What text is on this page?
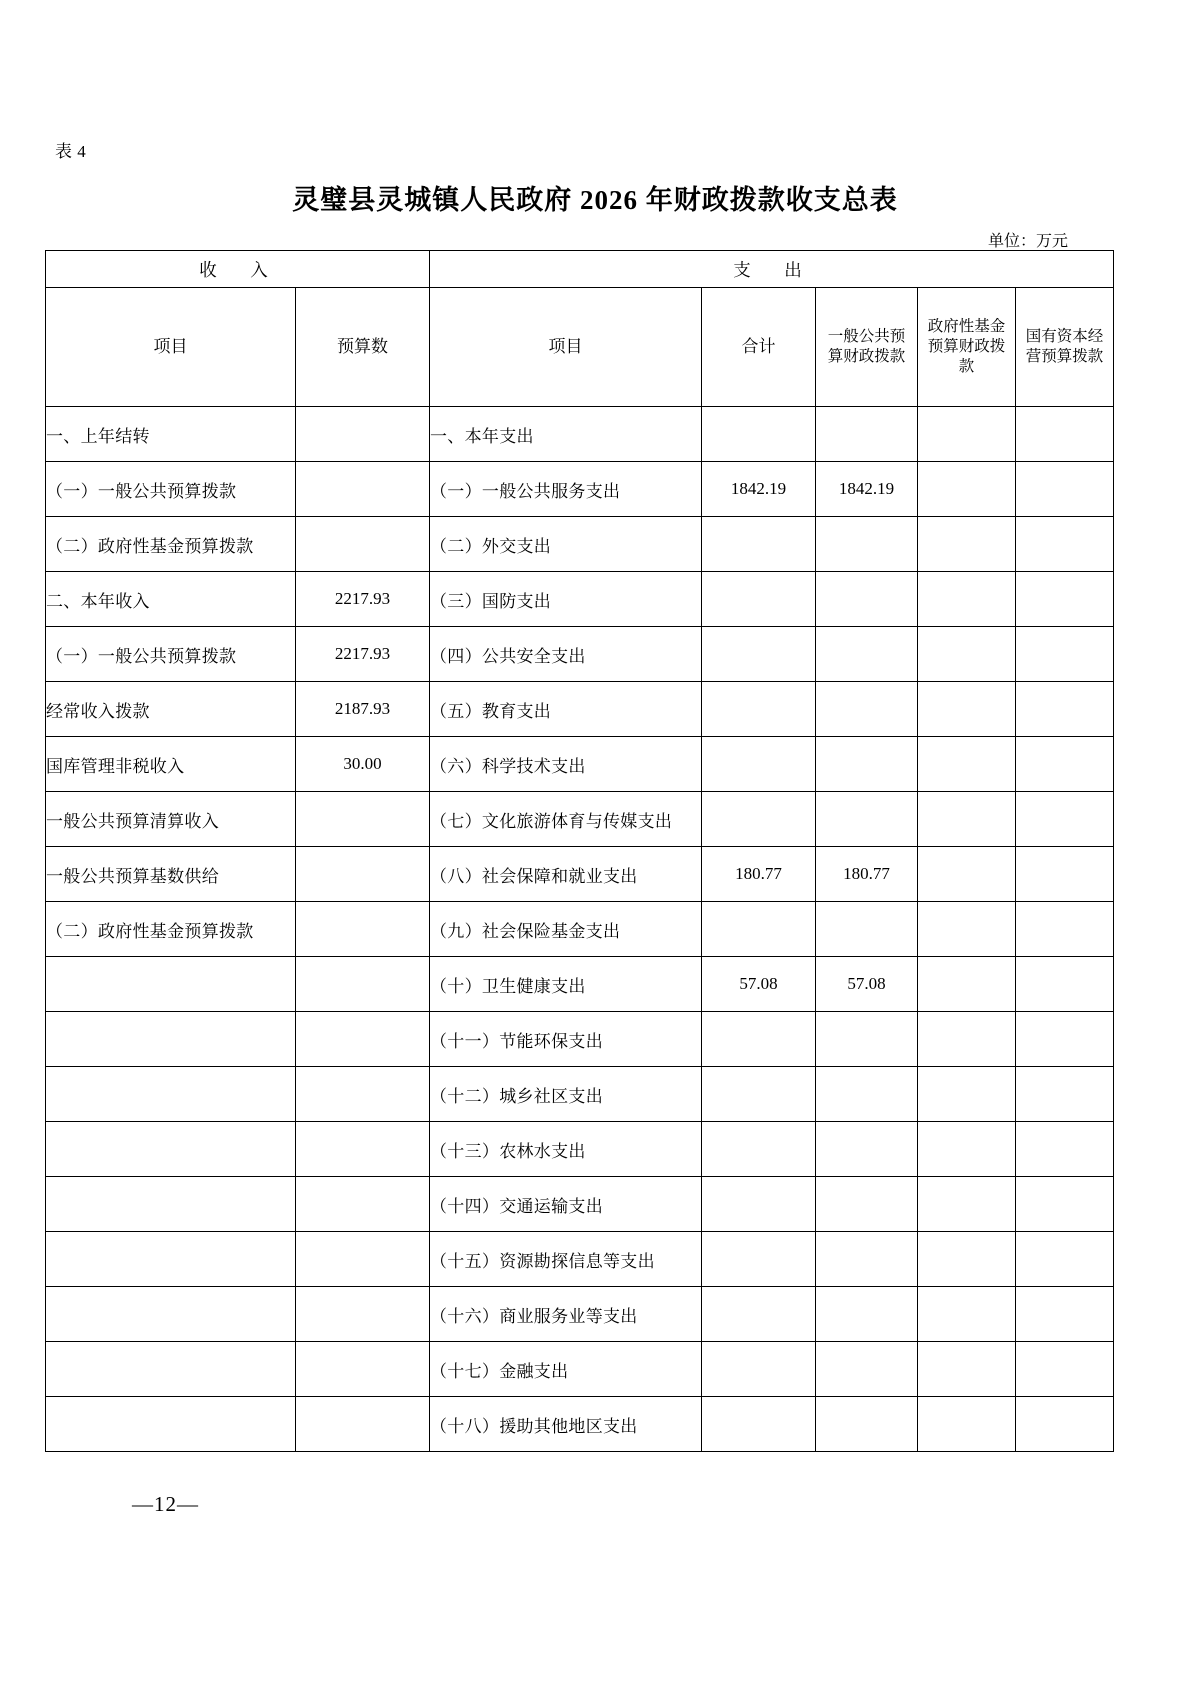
表 4
灵璧县灵城镇人民政府 2026 年财政拨款收支总表
单位：万元
收　入		支　出				
项目	预算数	项目	合计	一般公共预算财政拨款	政府性基金预算财政拨款	国有资本经营预算拨款
一、上年结转		一、本年支出				
（一）一般公共预算拨款		（一）一般公共服务支出	1842.19	1842.19		
（二）政府性基金预算拨款		（二）外交支出				
二、本年收入	2217.93	（三）国防支出				
（一）一般公共预算拨款	2217.93	（四）公共安全支出				
经常收入拨款	2187.93	（五）教育支出				
国库管理非税收入	30.00	（六）科学技术支出				
一般公共预算清算收入		（七）文化旅游体育与传媒支出				
一般公共预算基数供给		（八）社会保障和就业支出	180.77	180.77		
（二）政府性基金预算拨款		（九）社会保险基金支出				
		（十）卫生健康支出	57.08	57.08		
		（十一）节能环保支出				
		（十二）城乡社区支出				
		（十三）农林水支出				
		（十四）交通运输支出				
		（十五）资源勘探信息等支出				
		（十六）商业服务业等支出				
		（十七）金融支出				
		（十八）援助其他地区支出				
—12—
